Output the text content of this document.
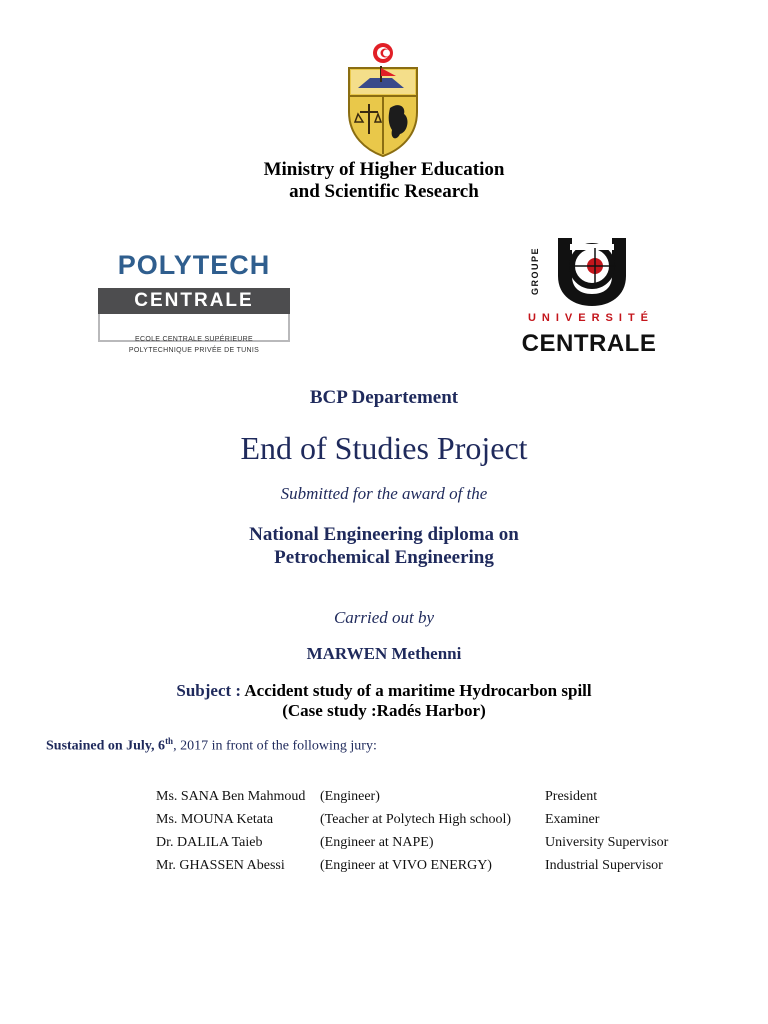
Ministry of Higher Education
and Scientific Research
POLYTECH
CENTRALE
ECOLE CENTRALE SUPÉRIEURE
POLYTECHNIQUE PRIVÉE DE TUNIS
GROUPE
UNIVERSITÉ
CENTRALE
BCP Departement
End of Studies Project
Submitted for the award of the
National Engineering diploma on
Petrochemical Engineering
Carried out by
MARWEN Methenni
Subject : Accident study of a maritime Hydrocarbon spill
(Case study :Radés Harbor)
Sustained on July, 6th, 2017 in front of the following jury:
Ms. SANA Ben Mahmoud (Engineer)	President
Ms. MOUNA Ketata	(Teacher at Polytech High school) Examiner
Dr. DALILA Taieb	(Engineer at NAPE)	University Supervisor
Mr. GHASSEN Abessi	(Engineer at VIVO ENERGY)	Industrial Supervisor
